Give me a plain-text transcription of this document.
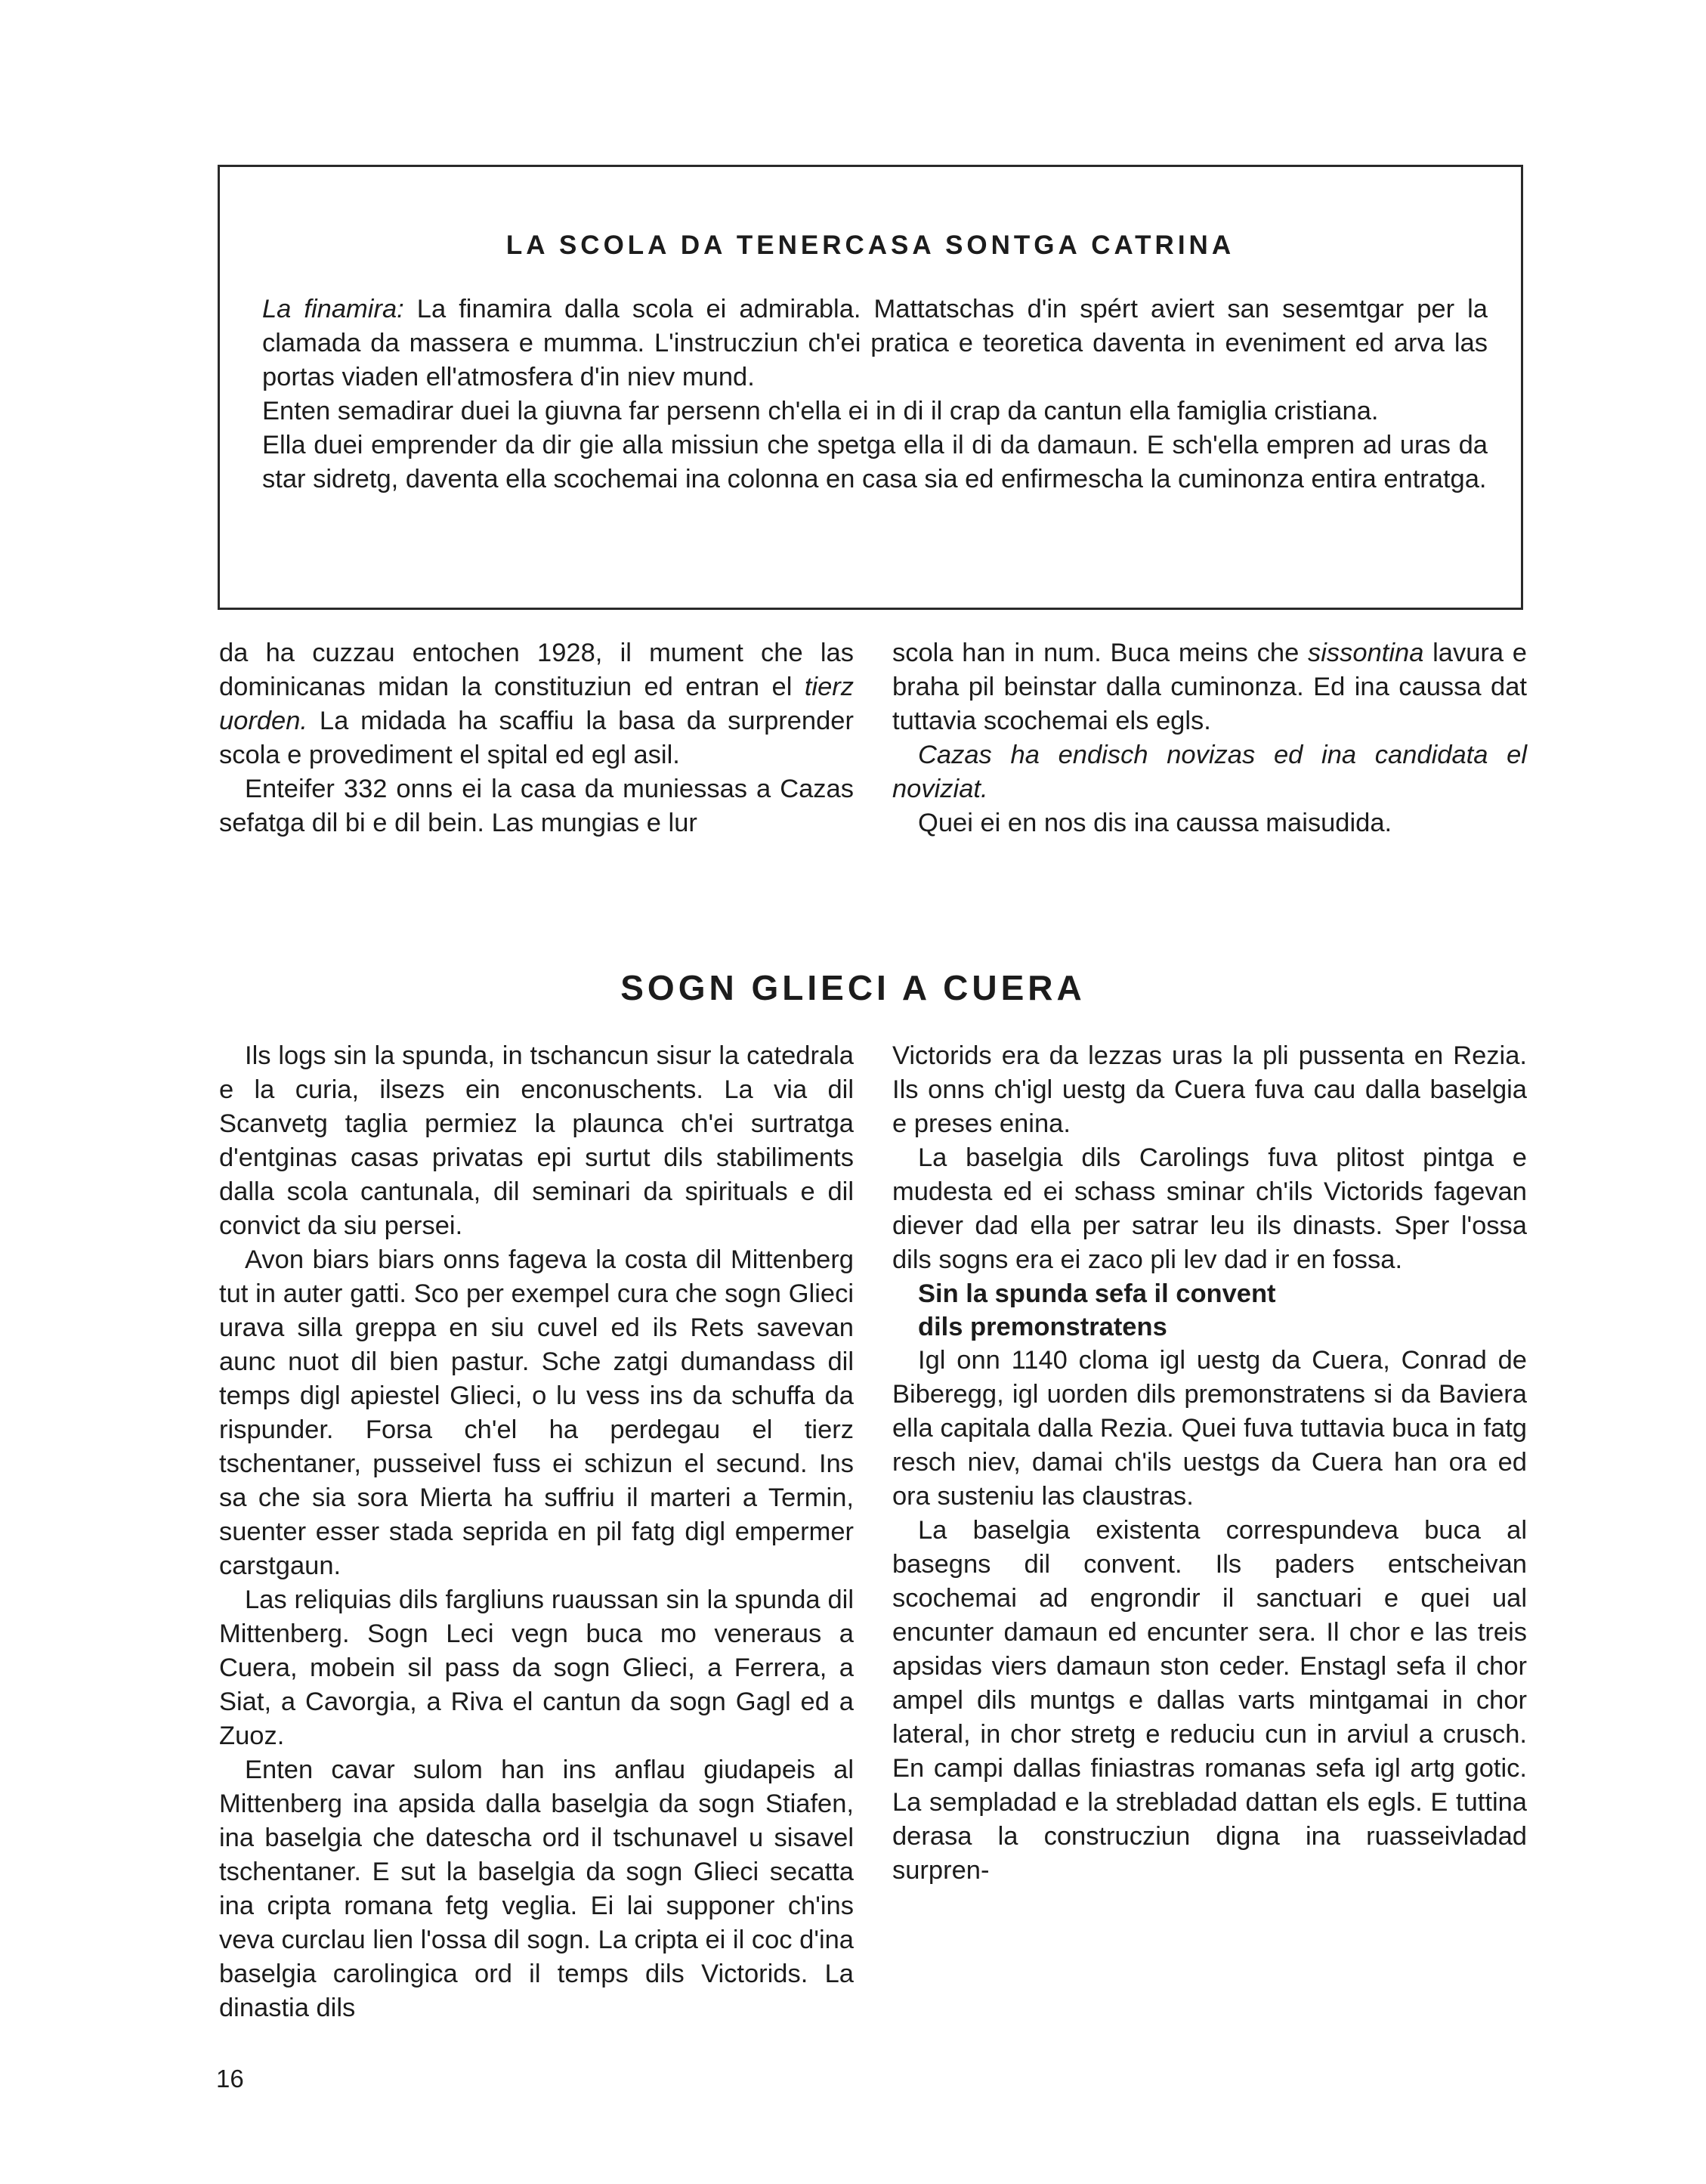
LA SCOLA DA TENERCASA SONTGA CATRINA

La finamira: La finamira dalla scola ei admirabla. Mattatschas d'in spért aviert san sesemtgar per la clamada da massera e mumma. L'instrucziun ch'ei pratica e teoretica daventa in eveniment ed arva las portas viaden ell'atmosfera d'in niev mund.

Enten semadirar duei la giuvna far persenn ch'ella ei in di il crap da cantun ella famiglia cristiana.

Ella duei emprender da dir gie alla missiun che spetga ella il di da damaun. E sch'ella empren ad uras da star sidretg, daventa ella scochemai ina colonna en casa sia ed enfirmescha la cuminonza entira entratga.

da ha cuzzau entochen 1928, il mument che las dominicanas midan la constituziun ed entran el tierz uorden. La midada ha scaffiu la basa da surprender scola e provediment el spital ed egl asil.

Enteifer 332 onns ei la casa da muniessas a Cazas sefatga dil bi e dil bein. Las mungias e lur

scola han in num. Buca meins che sissontina lavura e braha pil beinstar dalla cuminonza. Ed ina caussa dat tuttavia scochemai els egls.

Cazas ha endisch novizas ed ina candidata el noviziat.

Quei ei en nos dis ina caussa maisudida.

SOGN GLIECI A CUERA

Ils logs sin la spunda, in tschancun sisur la catedrala e la curia, ilsezs ein enconuschents. La via dil Scanvetg taglia permiez la plaunca ch'ei surtratga d'entginas casas privatas epi surtut dils stabiliments dalla scola cantunala, dil seminari da spirituals e dil convict da siu persei.

Avon biars biars onns fageva la costa dil Mittenberg tut in auter gatti. Sco per exempel cura che sogn Glieci urava silla greppa en siu cuvel ed ils Rets savevan aunc nuot dil bien pastur. Sche zatgi dumandass dil temps digl apiestel Glieci, o lu vess ins da schuffa da rispunder. Forsa ch'el ha perdegau el tierz tschentaner, pusseivel fuss ei schizun el secund. Ins sa che sia sora Mierta ha suffriu il marteri a Termin, suenter esser stada seprida en pil fatg digl empermer carstgaun.

Las reliquias dils fargliuns ruaussan sin la spunda dil Mittenberg. Sogn Leci vegn buca mo veneraus a Cuera, mobein sil pass da sogn Glieci, a Ferrera, a Siat, a Cavorgia, a Riva el cantun da sogn Gagl ed a Zuoz.

Enten cavar sulom han ins anflau giudapeis al Mittenberg ina apsida dalla baselgia da sogn Stiafen, ina baselgia che datescha ord il tschunavel u sisavel tschentaner. E sut la baselgia da sogn Glieci secatta ina cripta romana fetg veglia. Ei lai supponer ch'ins veva curclau lien l'ossa dil sogn. La cripta ei il coc d'ina baselgia carolingica ord il temps dils Victorids. La dinastia dils

Victorids era da lezzas uras la pli pussenta en Rezia. Ils onns ch'igl uestg da Cuera fuva cau dalla baselgia e preses enina.

La baselgia dils Carolings fuva plitost pintga e mudesta ed ei schass sminar ch'ils Victorids fagevan diever dad ella per satrar leu ils dinasts. Sper l'ossa dils sogns era ei zaco pli lev dad ir en fossa.

Sin la spunda sefa il convent
dils premonstratens

Igl onn 1140 cloma igl uestg da Cuera, Conrad de Biberegg, igl uorden dils premonstratens si da Baviera ella capitala dalla Rezia. Quei fuva tuttavia buca in fatg resch niev, damai ch'ils uestgs da Cuera han ora ed ora susteniu las claustras.

La baselgia existenta correspundeva buca al basegns dil convent. Ils paders entscheivan scochemai ad engrondir il sanctuari e quei ual encunter damaun ed encunter sera. Il chor e las treis apsidas viers damaun ston ceder. Enstagl sefa il chor ampel dils muntgs e dallas varts mintgamai in chor lateral, in chor stretg e reduciu cun in arviul a crusch. En campi dallas finiastras romanas sefa igl artg gotic. La sempladad e la strebladad dattan els egls. E tuttina derasa la construcziun digna ina ruasseivladad surpren-

16
